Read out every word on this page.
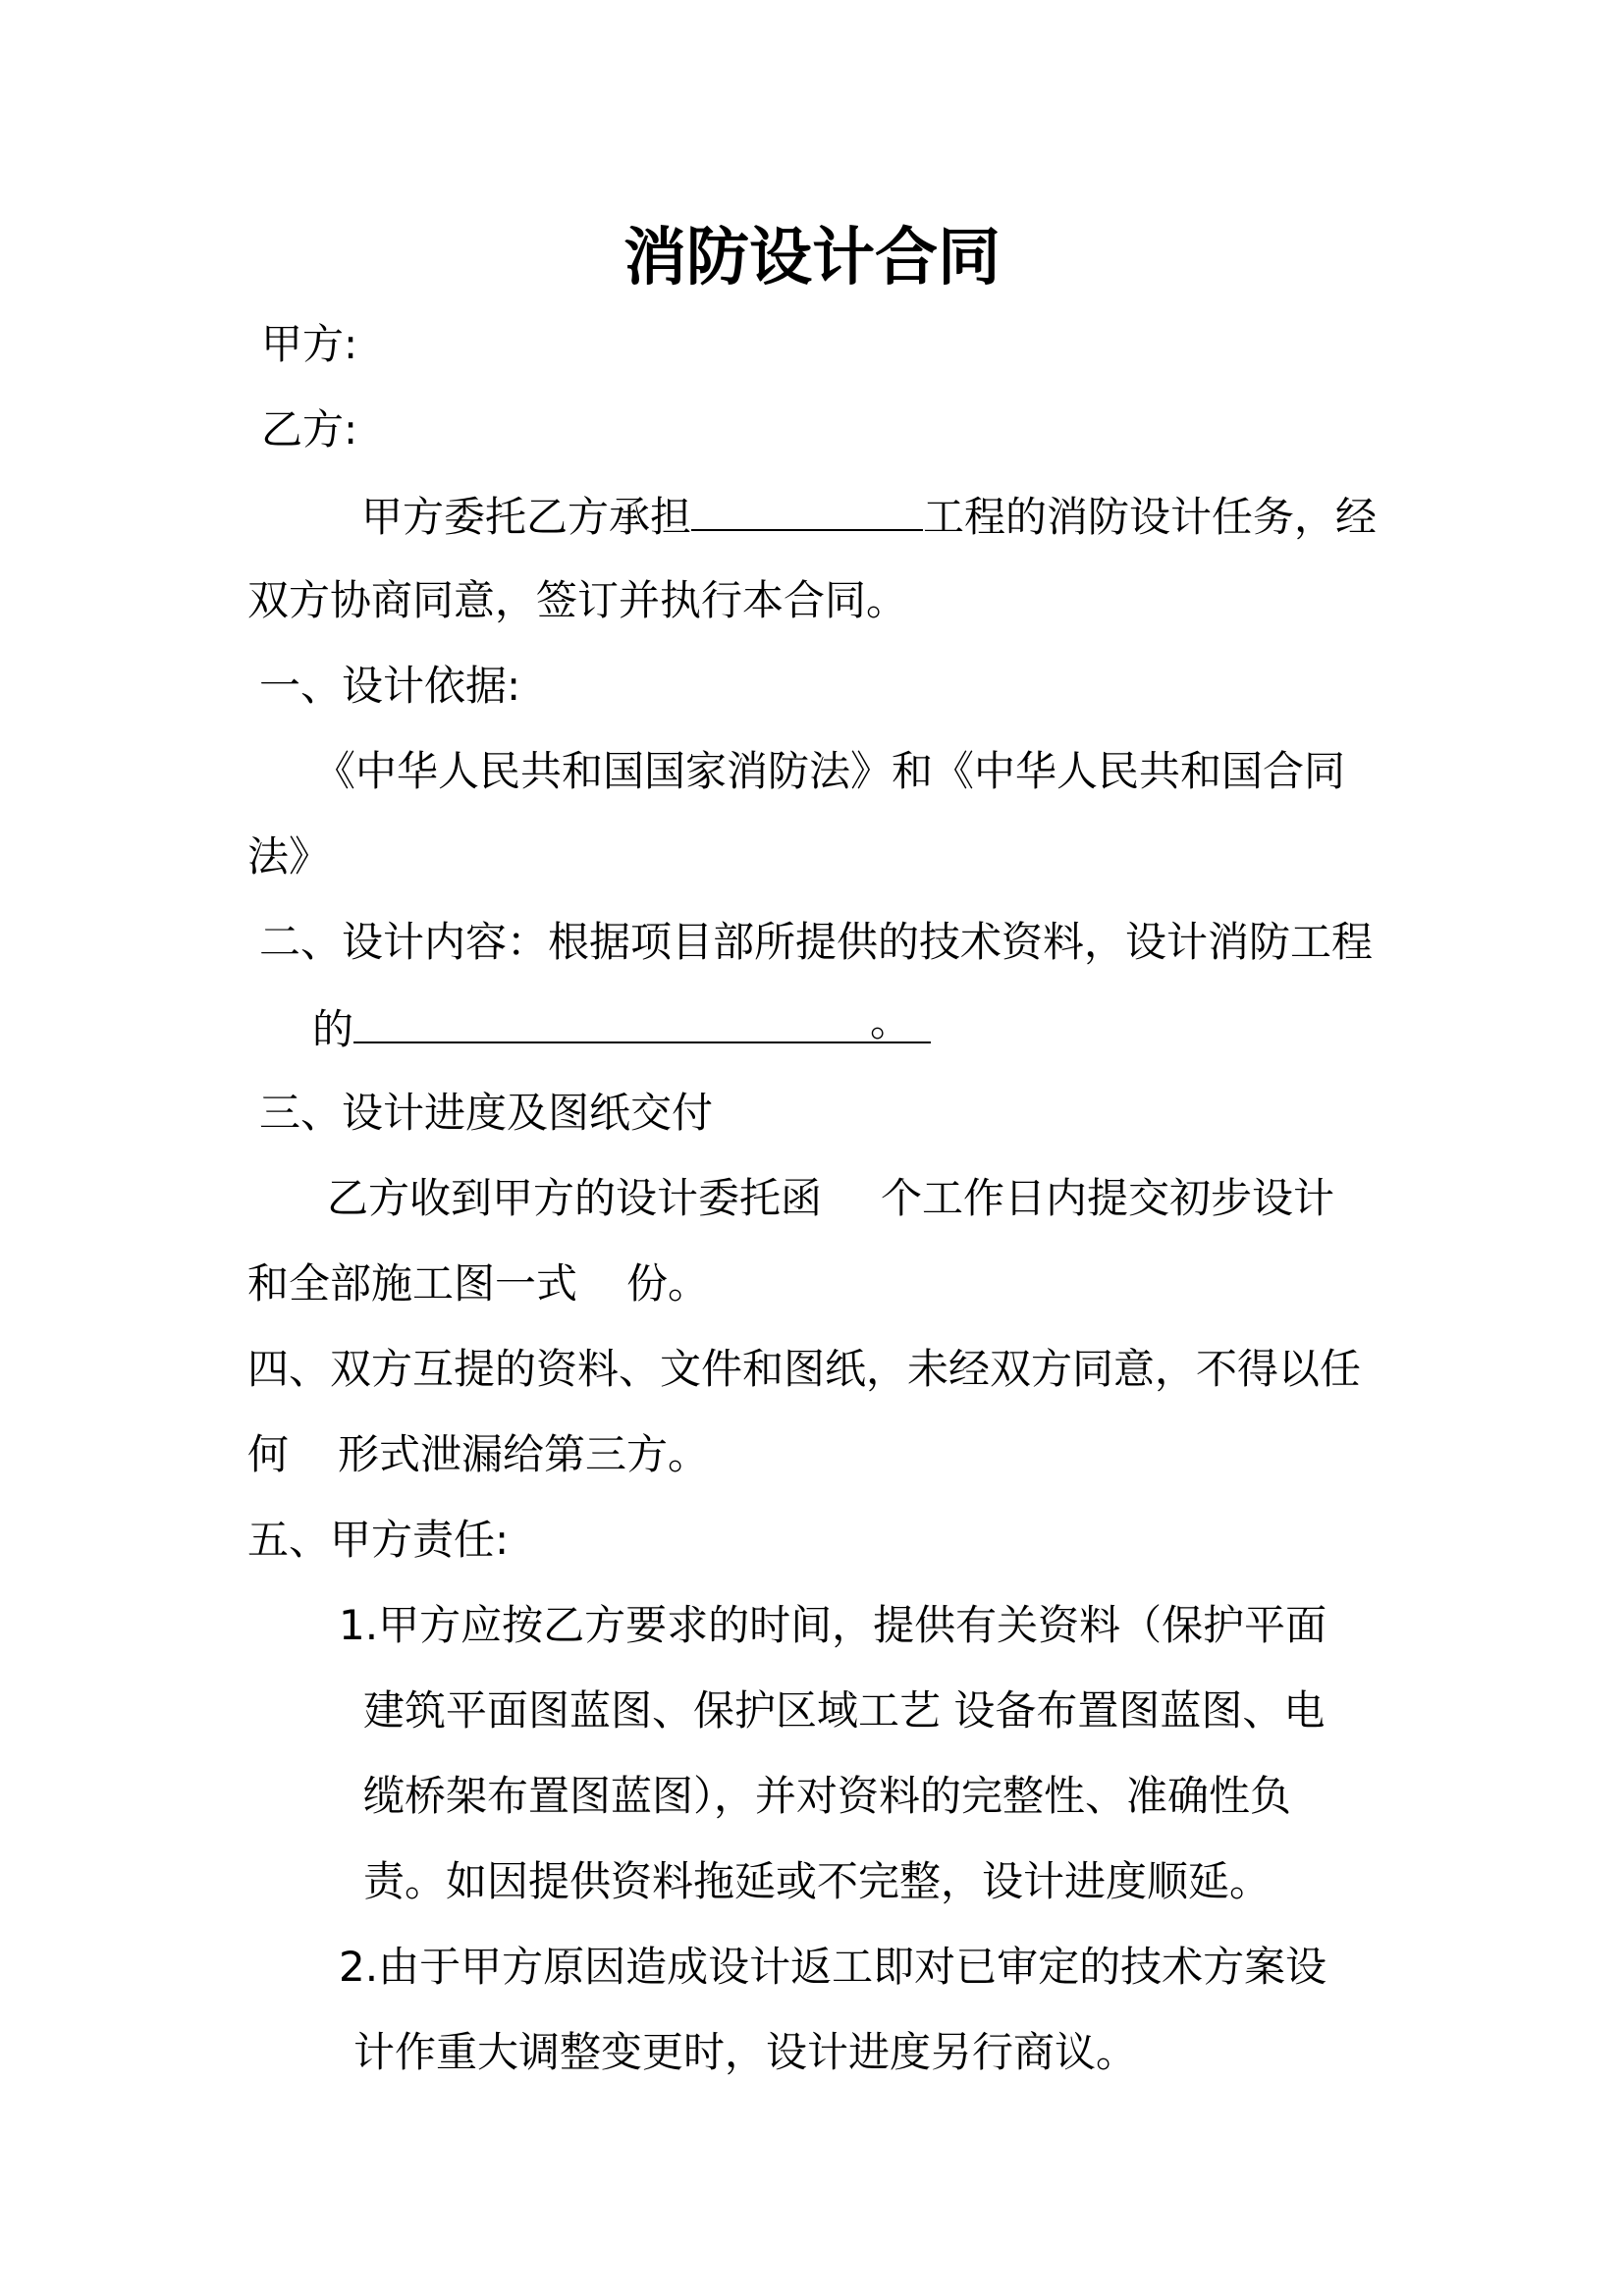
消防设计合同
甲方:
乙方:
甲方委托乙方承担	工程的消防设计任务，经
双方协商同意，签订并执行本合同。
一、设计依据:
《中华人民共和国国家消防法》和《中华人民共和国合同
法》
二、设计内容：根据项目部所提供的技术资料，设计消防工程
的	。
三、设计进度及图纸交付
乙方收到甲方的设计委托函 个工作日内提交初步设计
和全部施工图一式 份。
四、双方互提的资料、文件和图纸，未经双方同意，不得以任
何 形式泄漏给第三方。
五、甲方责任:
1.甲方应按乙方要求的时间，提供有关资料（保护平面
建筑平面图蓝图、保护区域工艺 设备布置图蓝图、电
缆桥架布置图蓝图），并对资料的完整性、准确性负
责。如因提供资料拖延或不完整，设计进度顺延。
2.由于甲方原因造成设计返工即对已审定的技术方案设
计作重大调整变更时，设计进度另行商议。
